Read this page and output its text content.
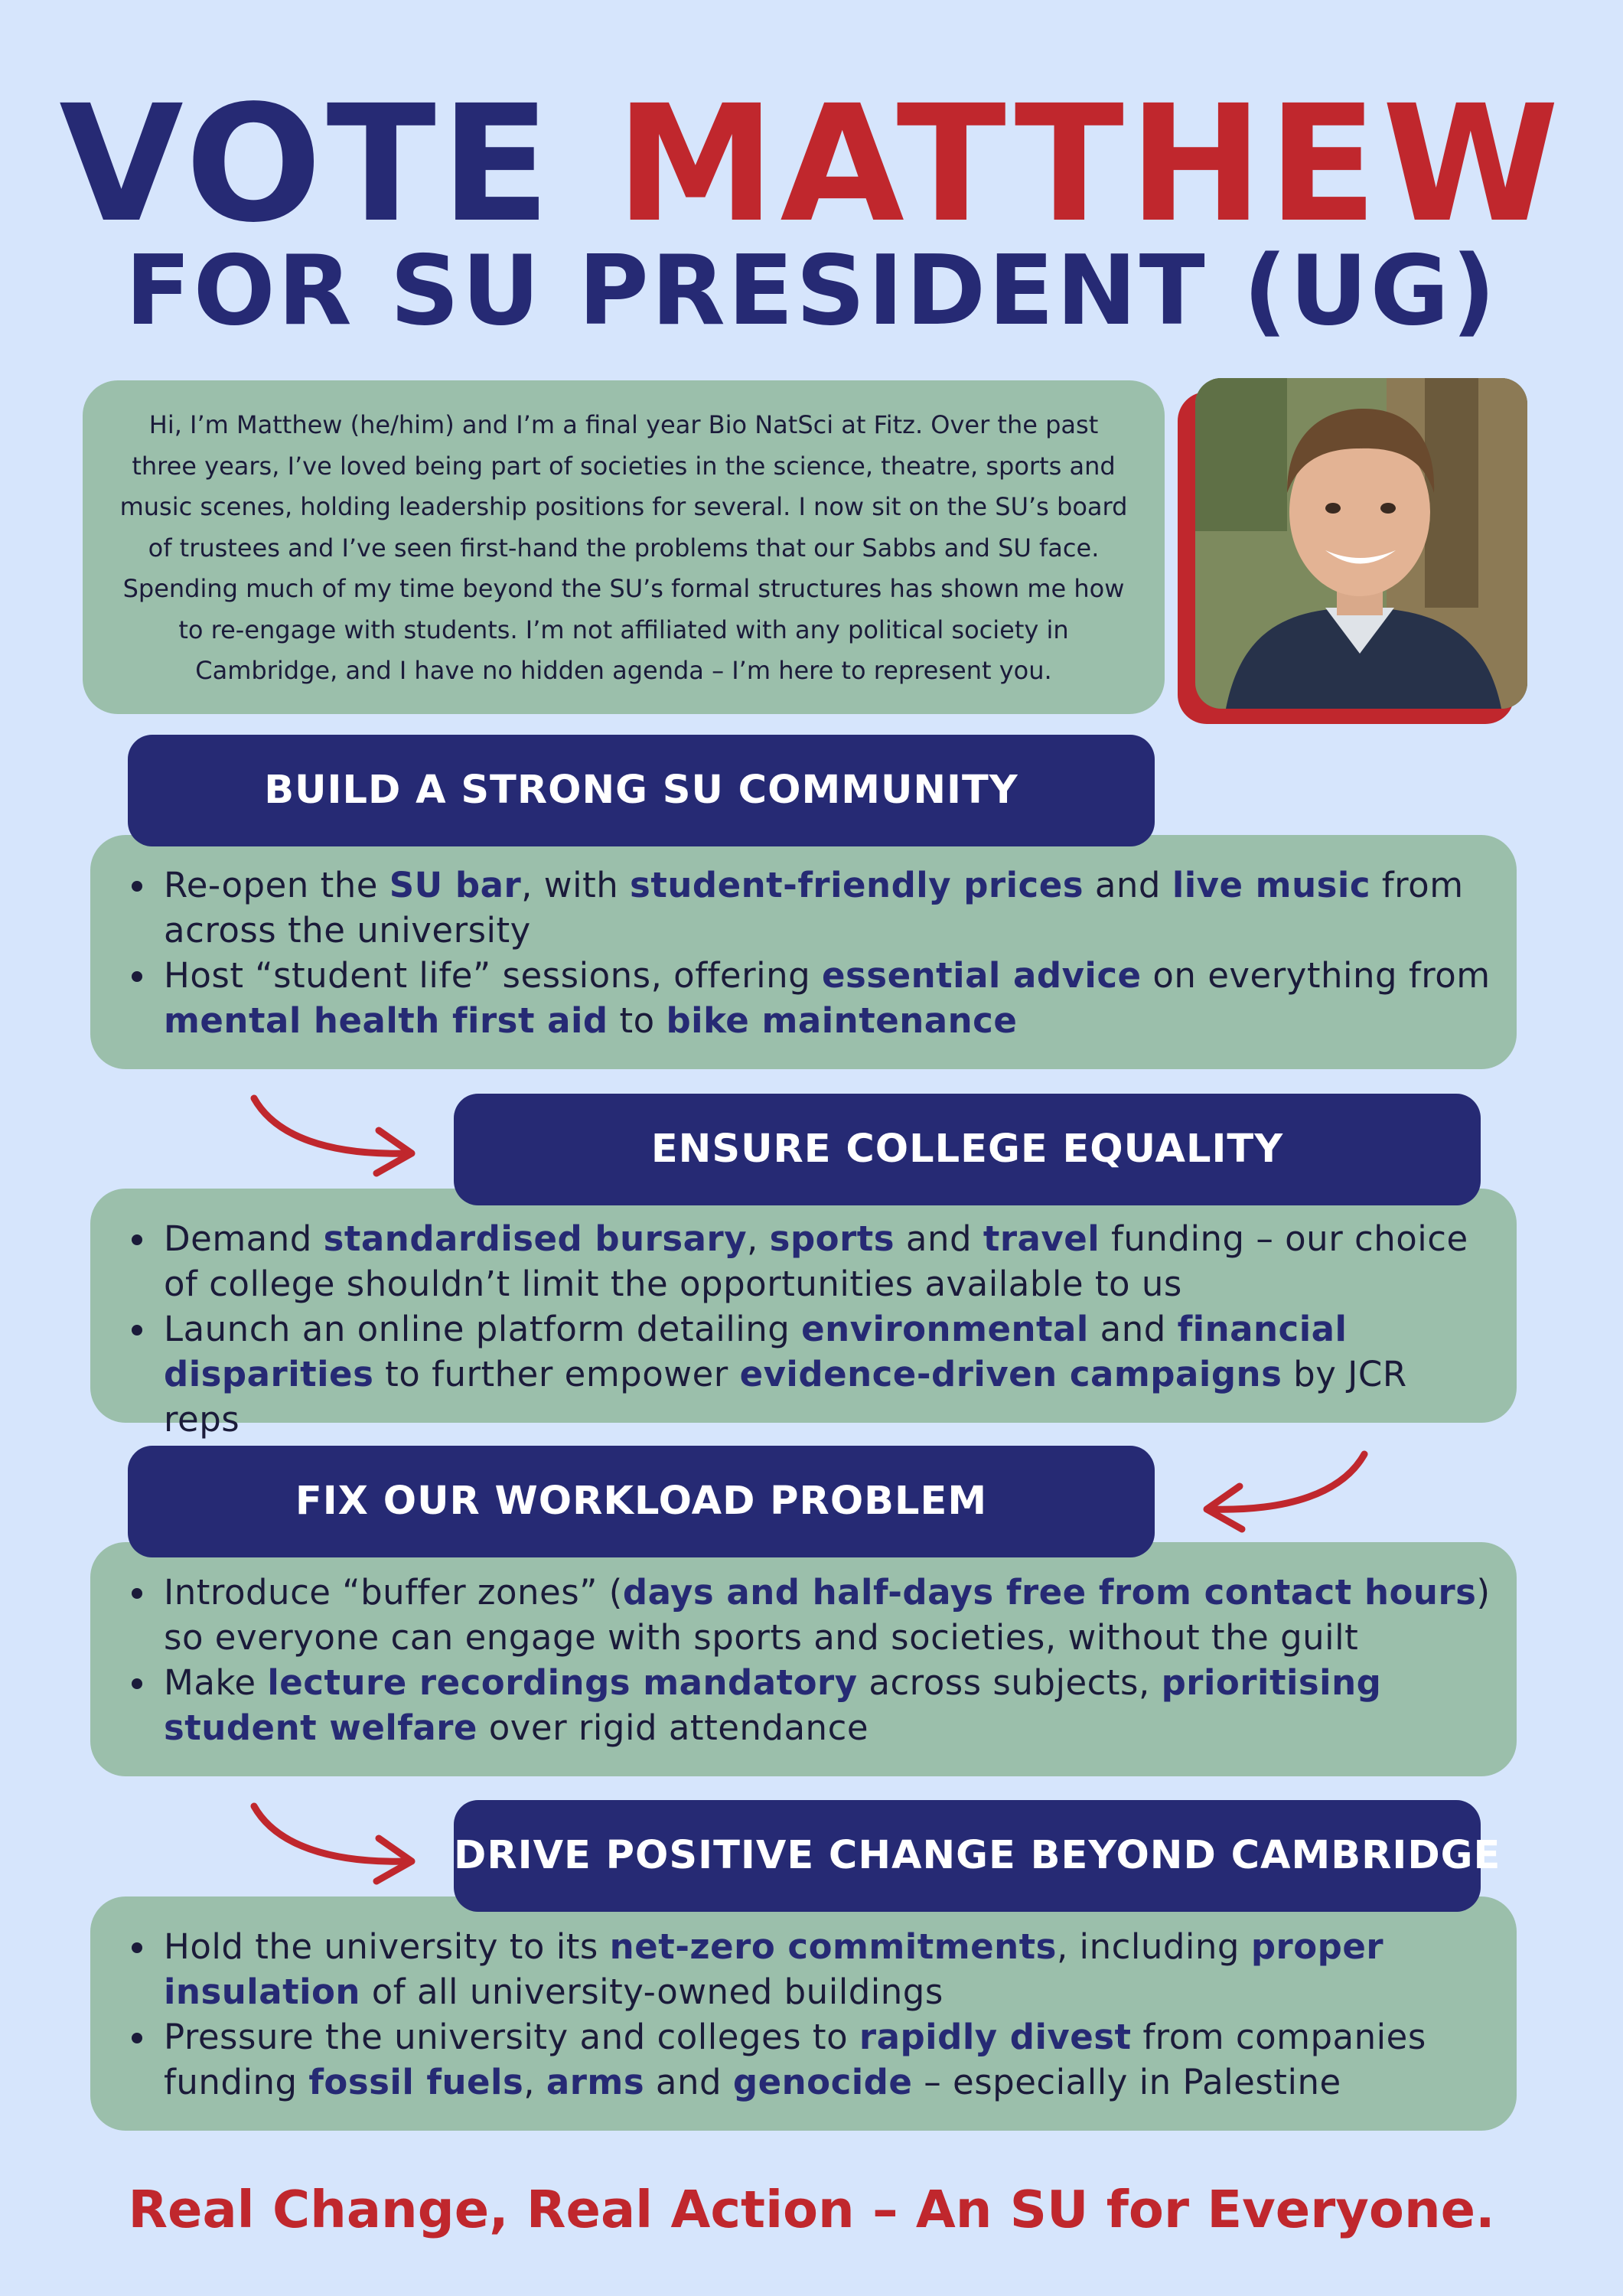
VOTE MATTHEW
FOR SU PRESIDENT (UG)
Hi, I’m Matthew (he/him) and I’m a final year Bio NatSci at Fitz. Over the past
three years, I’ve loved being part of societies in the science, theatre, sports and
music scenes, holding leadership positions for several. I now sit on the SU’s board
of trustees and I’ve seen first-hand the problems that our Sabbs and SU face.
Spending much of my time beyond the SU’s formal structures has shown me how
to re-engage with students. I’m not affiliated with any political society in
Cambridge, and I have no hidden agenda – I’m here to represent you.
Re-open the SU bar, with student-friendly prices and live music from across the university
Host “student life” sessions, offering essential advice on everything from mental health first aid to bike maintenance
BUILD A STRONG SU COMMUNITY
Demand standardised bursary, sports and travel funding – our choice of college shouldn’t limit the opportunities available to us
Launch an online platform detailing environmental and financial disparities to further empower evidence-driven campaigns by JCR reps
ENSURE COLLEGE EQUALITY
Introduce “buffer zones” (days and half-days free from contact hours) so everyone can engage with sports and societies, without the guilt
Make lecture recordings mandatory across subjects, prioritising student welfare over rigid attendance
FIX OUR WORKLOAD PROBLEM
Hold the university to its net-zero commitments, including proper insulation of all university-owned buildings
Pressure the university and colleges to rapidly divest from companies funding fossil fuels, arms and genocide – especially in Palestine
DRIVE POSITIVE CHANGE BEYOND CAMBRIDGE
Real Change, Real Action – An SU for Everyone.
